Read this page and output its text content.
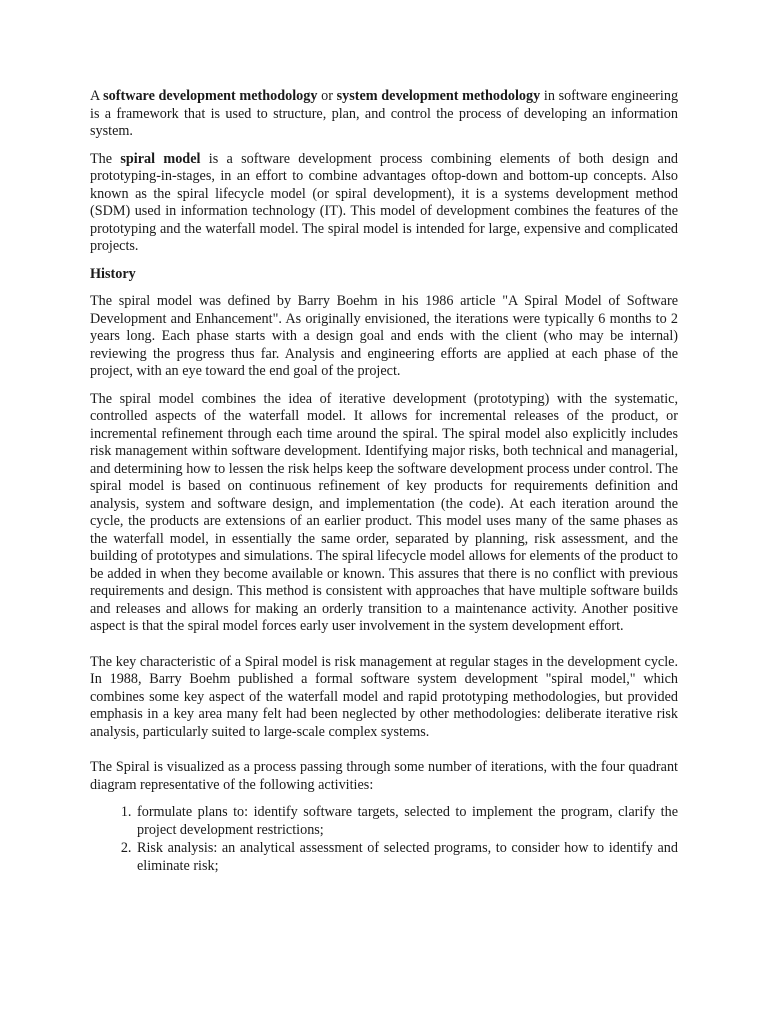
A software development methodology or system development methodology in software engineering is a framework that is used to structure, plan, and control the process of developing an information system.

The spiral model is a software development process combining elements of both design and prototyping-in-stages, in an effort to combine advantages oftop-down and bottom-up concepts. Also known as the spiral lifecycle model (or spiral development), it is a systems development method (SDM) used in information technology (IT). This model of development combines the features of the prototyping and the waterfall model. The spiral model is intended for large, expensive and complicated projects.

History

The spiral model was defined by Barry Boehm in his 1986 article "A Spiral Model of Software Development and Enhancement". As originally envisioned, the iterations were typically 6 months to 2 years long. Each phase starts with a design goal and ends with the client (who may be internal) reviewing the progress thus far. Analysis and engineering efforts are applied at each phase of the project, with an eye toward the end goal of the project.

The spiral model combines the idea of iterative development (prototyping) with the systematic, controlled aspects of the waterfall model. It allows for incremental releases of the product, or incremental refinement through each time around the spiral. The spiral model also explicitly includes risk management within software development. Identifying major risks, both technical and managerial, and determining how to lessen the risk helps keep the software development process under control. The spiral model is based on continuous refinement of key products for requirements definition and analysis, system and software design, and implementation (the code). At each iteration around the cycle, the products are extensions of an earlier product. This model uses many of the same phases as the waterfall model, in essentially the same order, separated by planning, risk assessment, and the building of prototypes and simulations. The spiral lifecycle model allows for elements of the product to be added in when they become available or known. This assures that there is no conflict with previous requirements and design. This method is consistent with approaches that have multiple software builds and releases and allows for making an orderly transition to a maintenance activity. Another positive aspect is that the spiral model forces early user involvement in the system development effort.

The key characteristic of a Spiral model is risk management at regular stages in the development cycle. In 1988, Barry Boehm published a formal software system development "spiral model," which combines some key aspect of the waterfall model and rapid prototyping methodologies, but provided emphasis in a key area many felt had been neglected by other methodologies: deliberate iterative risk analysis, particularly suited to large-scale complex systems.

The Spiral is visualized as a process passing through some number of iterations, with the four quadrant diagram representative of the following activities:

1. formulate plans to: identify software targets, selected to implement the program, clarify the project development restrictions;
2. Risk analysis: an analytical assessment of selected programs, to consider how to identify and eliminate risk;
